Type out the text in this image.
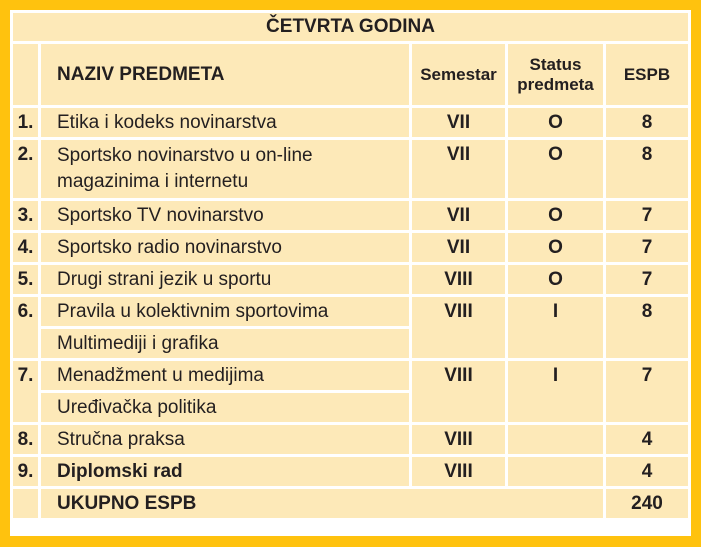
ČETVRTA GODINA				
	NAZIV PREDMETA	Semestar	Status
predmeta	ESPB
1.	Etika i kodeks novinarstva	VII	O	8
2.	Sportsko novinarstvo u on-line
magazinima i internetu	VII	O	8
3.	Sportsko TV novinarstvo	VII	O	7
4.	Sportsko radio novinarstvo	VII	O	7
5.	Drugi strani jezik u sportu	VIII	O	7
6.	Pravila u kolektivnim sportovima	VIII	I	8
	Multimediji i grafika			
7.	Menadžment u medijima	VIII	I	7
	Uređivačka politika			
8.	Stručna praksa	VIII		4
9.	Diplomski rad	VIII		4
	UKUPNO ESPB			240
